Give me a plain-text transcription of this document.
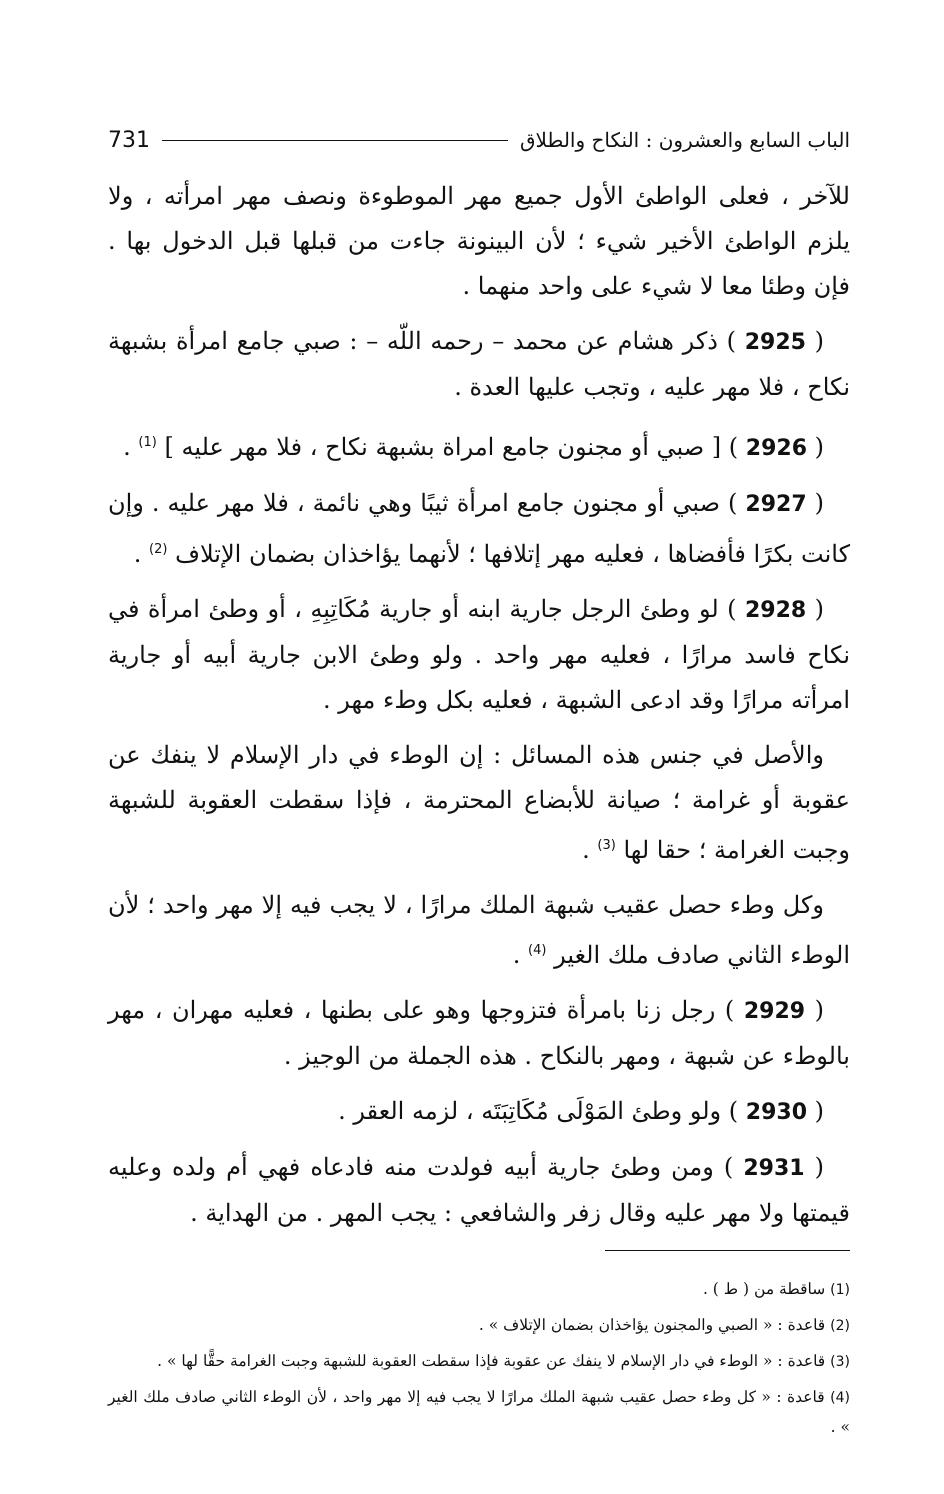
الباب السابع والعشرون : النكاح والطلاق
731

للآخر ، فعلى الواطئ الأول جميع مهر الموطوءة ونصف مهر امرأته ، ولا يلزم الواطئ الأخير شيء ؛ لأن البينونة جاءت من قبلها قبل الدخول بها . فإن وطئا معا لا شيء على واحد منهما .

( 2925 ) ذكر هشام عن محمد – رحمه اللّه – : صبي جامع امرأة بشبهة نكاح ، فلا مهر عليه ، وتجب عليها العدة .

( 2926 ) [ صبي أو مجنون جامع امراة بشبهة نكاح ، فلا مهر عليه ] $^{(1)}$ .

( 2927 ) صبي أو مجنون جامع امرأة ثيبًا وهي نائمة ، فلا مهر عليه . وإن كانت بكرًا فأفضاها ، فعليه مهر إتلافها ؛ لأنهما يؤاخذان بضمان الإتلاف $^{(2)}$ .

( 2928 ) لو وطئ الرجل جارية ابنه أو جارية مُكَاتِبِهِ ، أو وطئ امرأة في نكاح فاسد مرارًا ، فعليه مهر واحد . ولو وطئ الابن جارية أبيه أو جارية امرأته مرارًا وقد ادعى الشبهة ، فعليه بكل وطء مهر .

والأصل في جنس هذه المسائل : إن الوطء في دار الإسلام لا ينفك عن عقوبة أو غرامة ؛ صيانة للأبضاع المحترمة ، فإذا سقطت العقوبة للشبهة وجبت الغرامة ؛ حقا لها $^{(3)}$ .

وكل وطء حصل عقيب شبهة الملك مرارًا ، لا يجب فيه إلا مهر واحد ؛ لأن الوطء الثاني صادف ملك الغير $^{(4)}$ .

( 2929 ) رجل زنا بامرأة فتزوجها وهو على بطنها ، فعليه مهران ، مهر بالوطء عن شبهة ، ومهر بالنكاح . هذه الجملة من الوجيز .

( 2930 ) ولو وطئ المَوْلَى مُكَاتِبَتَه ، لزمه العقر .

( 2931 ) ومن وطئ جارية أبيه فولدت منه فادعاه فهي أم ولده وعليه قيمتها ولا مهر عليه وقال زفر والشافعي : يجب المهر . من الهداية .

(1) ساقطة من ( ط ) .

(2) قاعدة : « الصبي والمجنون يؤاخذان بضمان الإتلاف » .

(3) قاعدة : « الوطء في دار الإسلام لا ينفك عن عقوبة فإذا سقطت العقوبة للشبهة وجبت الغرامة حقًّا لها » .

(4) قاعدة : « كل وطء حصل عقيب شبهة الملك مرارًا لا يجب فيه إلا مهر واحد ، لأن الوطء الثاني صادف ملك الغير » .
